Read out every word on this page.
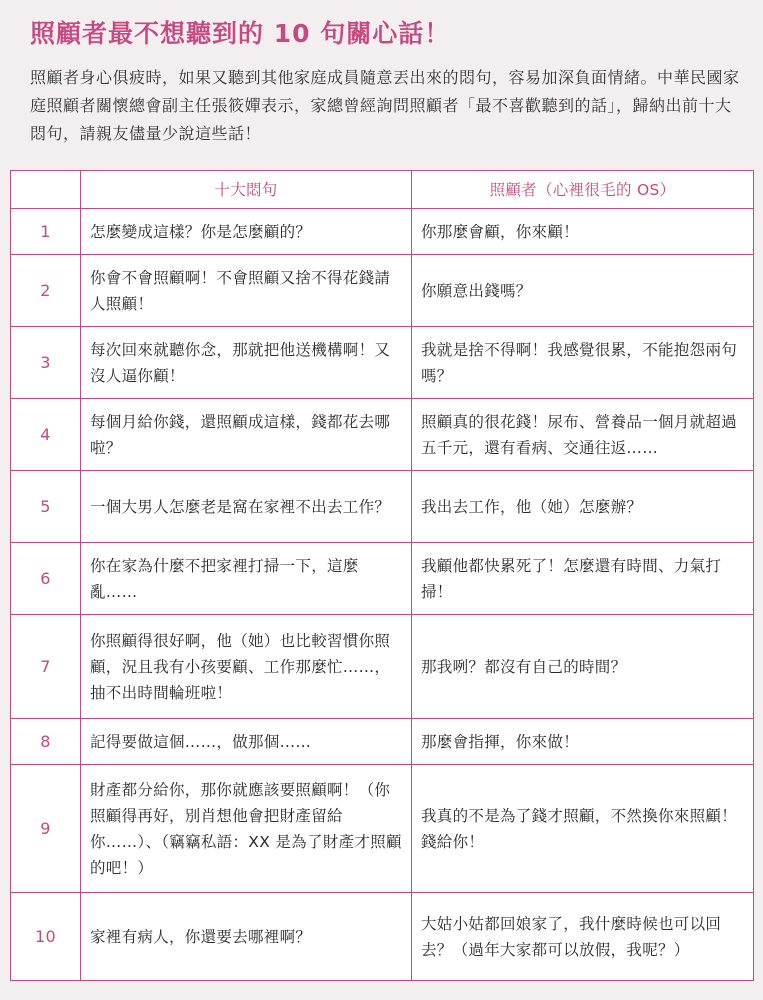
照顧者最不想聽到的 10 句關心話！
照顧者身心俱疲時，如果又聽到其他家庭成員隨意丟出來的悶句，容易加深負面情緒。中華民國家庭照顧者關懷總會副主任張筱嬋表示，家總曾經詢問照顧者「最不喜歡聽到的話」，歸納出前十大悶句，請親友儘量少說這些話！
	十大悶句	照顧者（心裡很毛的 OS）
1	怎麼變成這樣？你是怎麼顧的？	你那麼會顧，你來顧！
2	你會不會照顧啊！不會照顧又捨不得花錢請人照顧！	你願意出錢嗎？
3	每次回來就聽你念，那就把他送機構啊！又沒人逼你顧！	我就是捨不得啊！我感覺很累，不能抱怨兩句嗎？
4	每個月給你錢，還照顧成這樣，錢都花去哪啦？	照顧真的很花錢！尿布、營養品一個月就超過五千元，還有看病、交通往返……
5	一個大男人怎麼老是窩在家裡不出去工作？	我出去工作，他（她）怎麼辦？
6	你在家為什麼不把家裡打掃一下，這麼亂……	我顧他都快累死了！怎麼還有時間、力氣打掃！
7	你照顧得很好啊，他（她）也比較習慣你照顧，況且我有小孩要顧、工作那麼忙……，抽不出時間輪班啦！	那我咧？都沒有自己的時間？
8	記得要做這個……，做那個……	那麼會指揮，你來做！
9	財產都分給你，那你就應該要照顧啊！（你照顧得再好，別肖想他會把財產留給你……）、（竊竊私語：XX 是為了財產才照顧的吧！）	我真的不是為了錢才照顧，不然換你來照顧！錢給你！
10	家裡有病人，你還要去哪裡啊？	大姑小姑都回娘家了，我什麼時候也可以回去？（過年大家都可以放假，我呢？）
